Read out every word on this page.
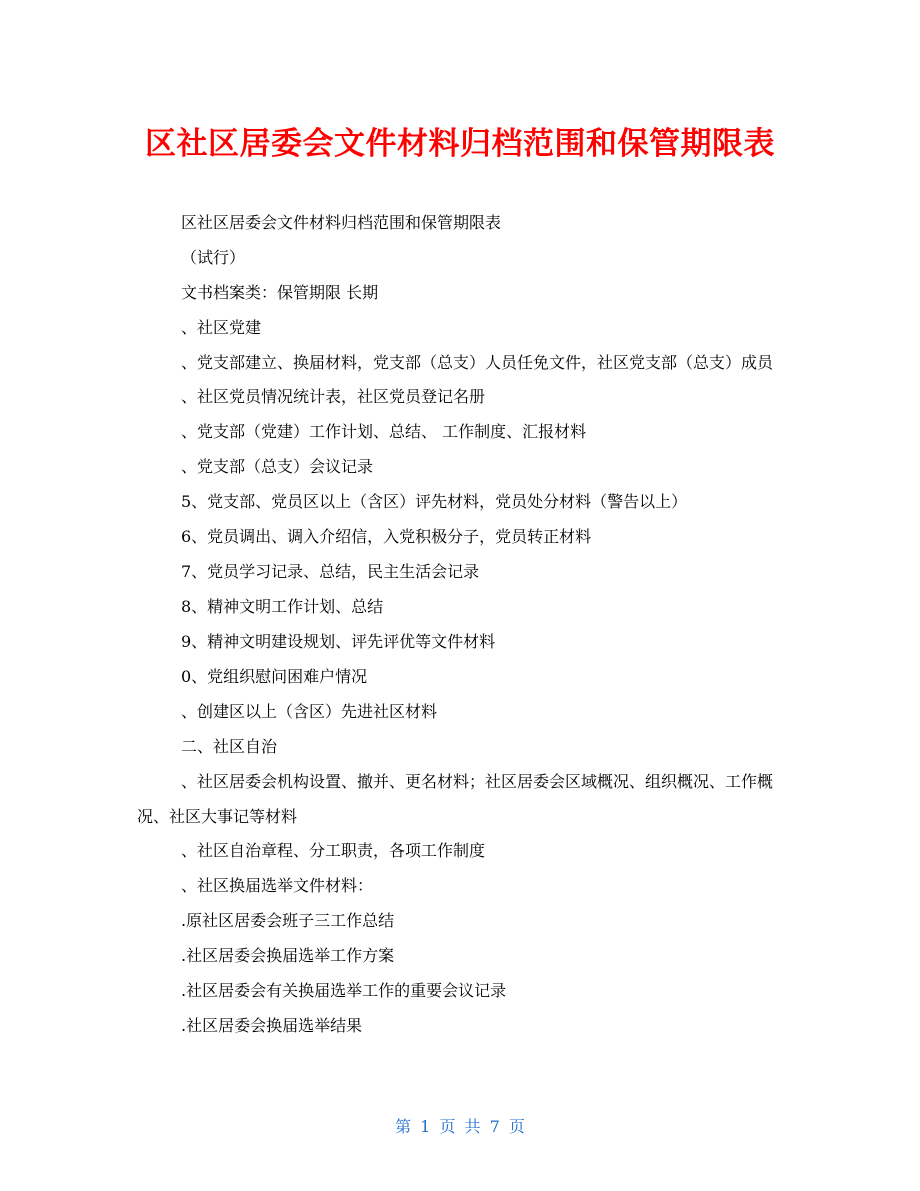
区社区居委会文件材料归档范围和保管期限表

区社区居委会文件材料归档范围和保管期限表

（试行）

文书档案类：保管期限 长期

、社区党建

、党支部建立、换届材料，党支部（总支）人员任免文件，社区党支部（总支）成员

、社区党员情况统计表，社区党员登记名册

、党支部（党建）工作计划、总结、 工作制度、汇报材料

、党支部（总支）会议记录

5、党支部、党员区以上（含区）评先材料，党员处分材料（警告以上）

6、党员调出、调入介绍信，入党积极分子，党员转正材料

7、党员学习记录、总结，民主生活会记录

8、精神文明工作计划、总结

9、精神文明建设规划、评先评优等文件材料

0、党组织慰问困难户情况

、创建区以上（含区）先进社区材料

二、社区自治

、社区居委会机构设置、撤并、更名材料；社区居委会区域概况、组织概况、工作概况、社区大事记等材料

、社区自治章程、分工职责，各项工作制度

、社区换届选举文件材料：

.原社区居委会班子三工作总结

.社区居委会换届选举工作方案

.社区居委会有关换届选举工作的重要会议记录

.社区居委会换届选举结果

第 1 页 共 7 页
